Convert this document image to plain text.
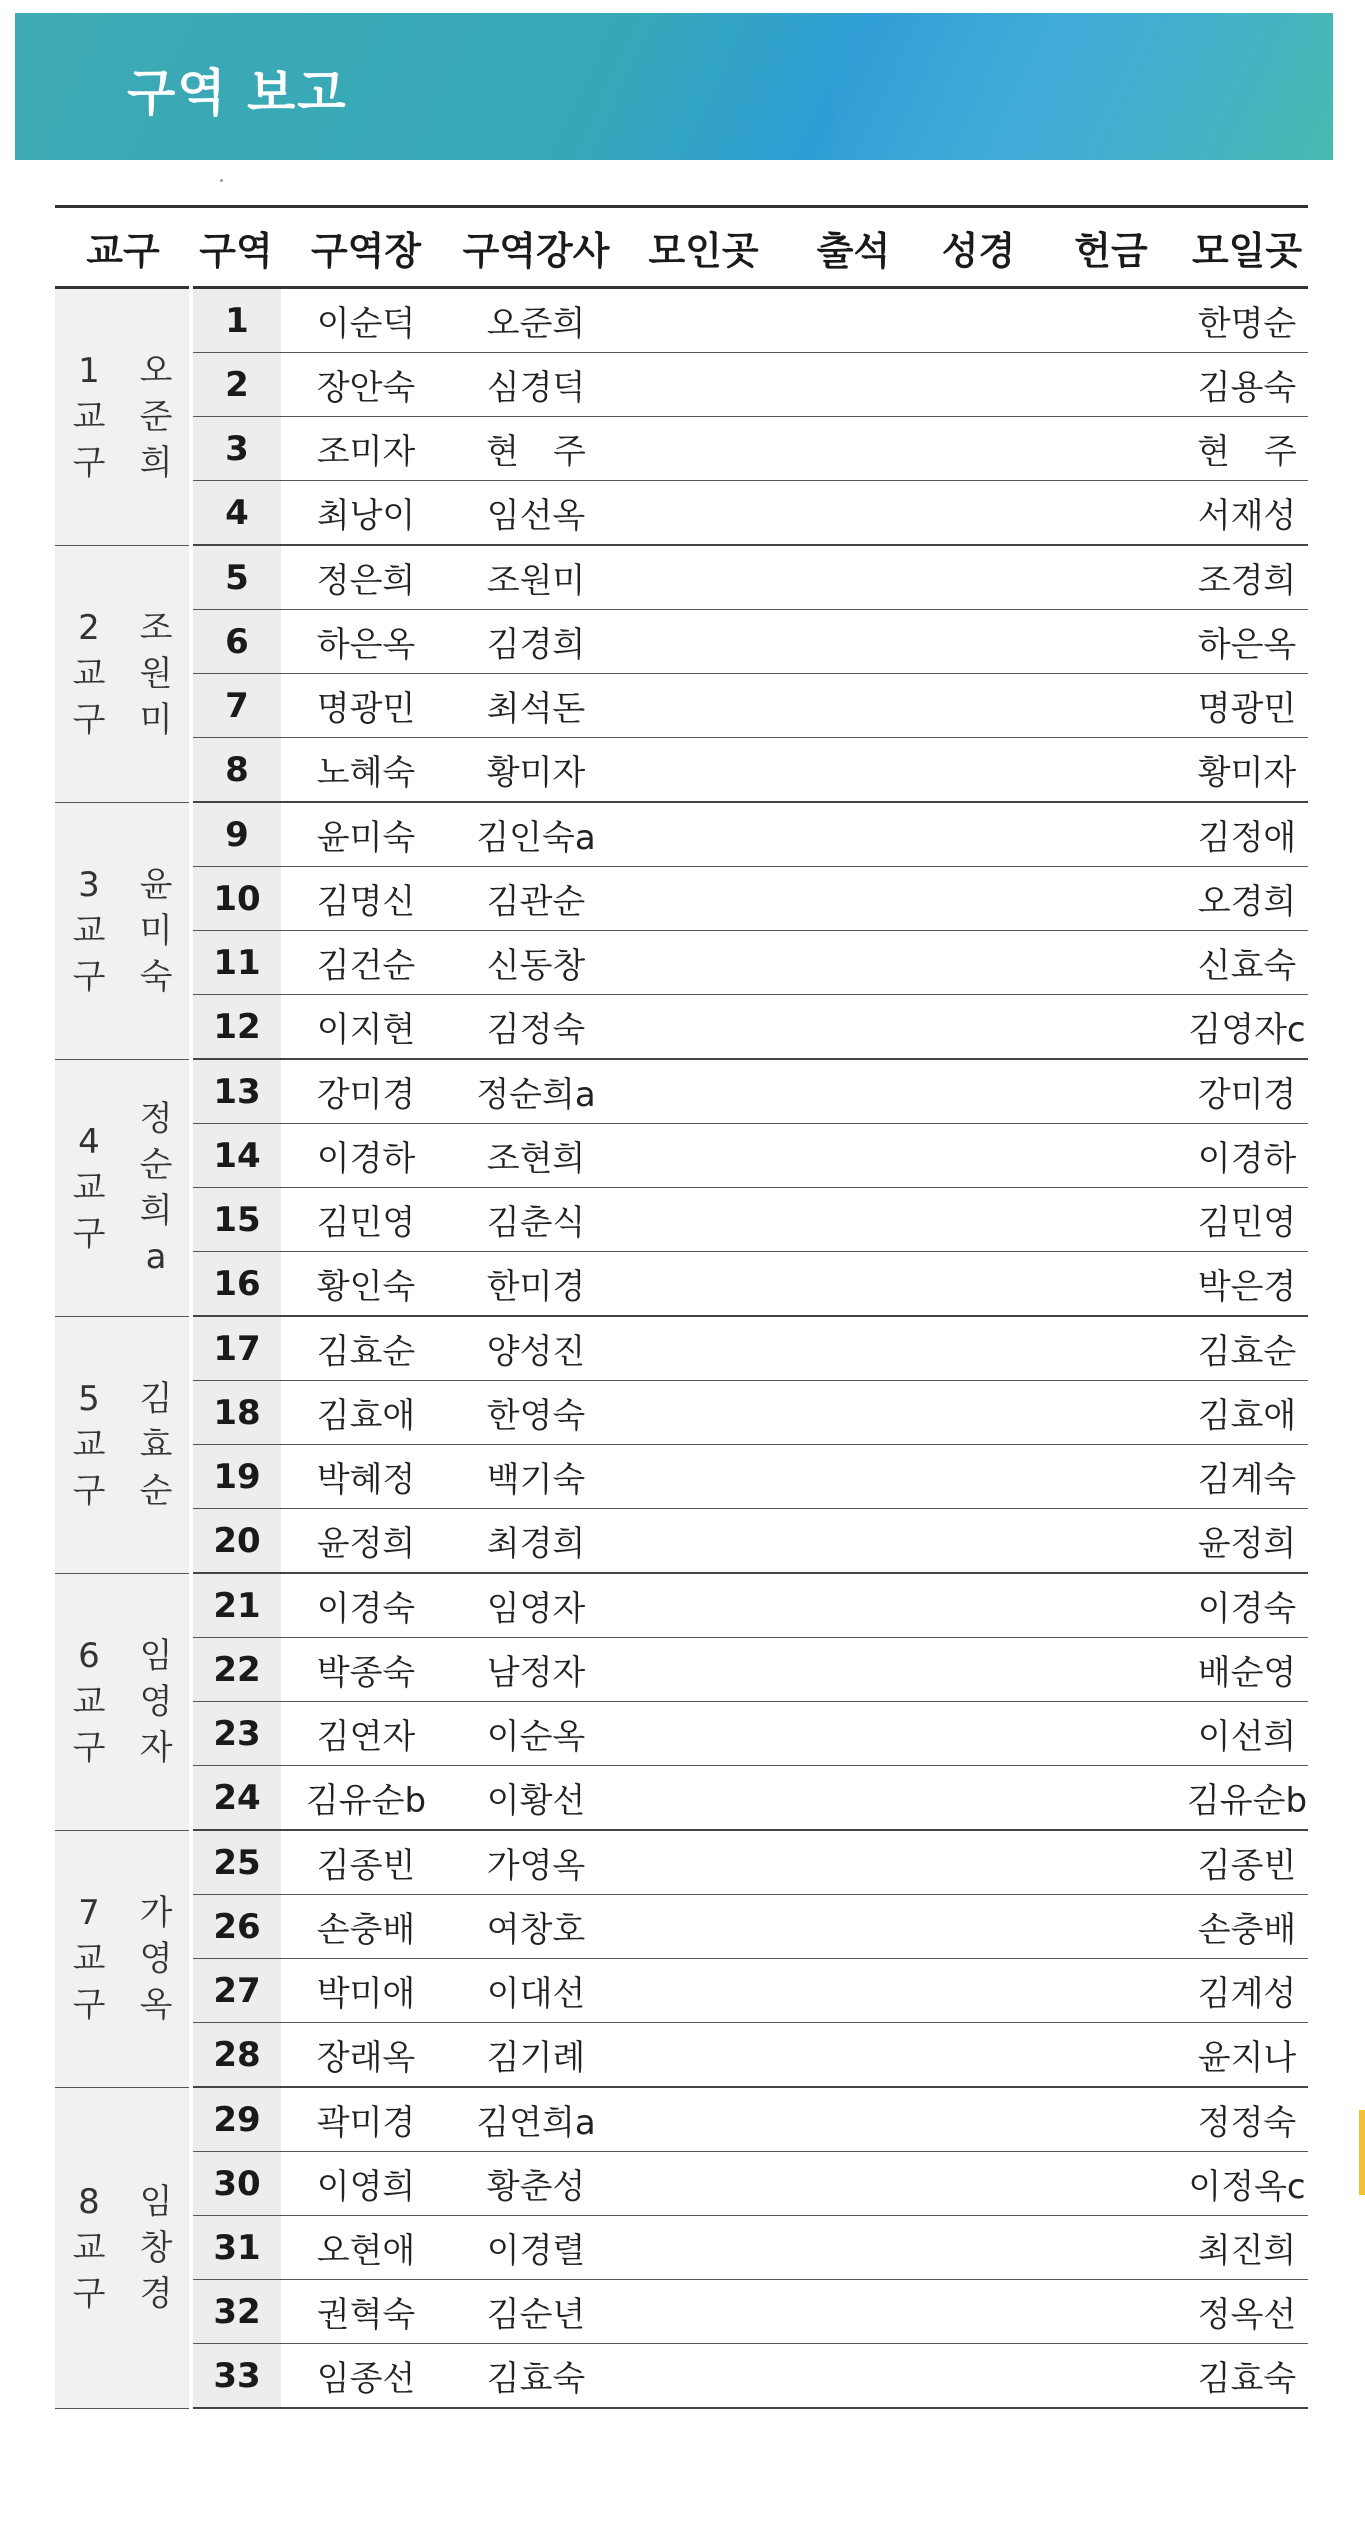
구역 보고
교구		구역	구역장	구역강사	모인곳	출석	성경	헌금	모일곳
1교구	오준희	1	이순덕	오준희					한명순
		2	장안숙	심경덕					김용숙
		3	조미자	현　주					현　주
		4	최낭이	임선옥					서재성
2교구	조원미	5	정은희	조원미					조경희
		6	하은옥	김경희					하은옥
		7	명광민	최석돈					명광민
		8	노혜숙	황미자					황미자
3교구	윤미숙	9	윤미숙	김인숙a					김정애
		10	김명신	김관순					오경희
		11	김건순	신동창					신효숙
		12	이지현	김정숙					김영자c
4교구	정순희a	13	강미경	정순희a					강미경
		14	이경하	조현희					이경하
		15	김민영	김춘식					김민영
		16	황인숙	한미경					박은경
5교구	김효순	17	김효순	양성진					김효순
		18	김효애	한영숙					김효애
		19	박혜정	백기숙					김계숙
		20	윤정희	최경희					윤정희
6교구	임영자	21	이경숙	임영자					이경숙
		22	박종숙	남정자					배순영
		23	김연자	이순옥					이선희
		24	김유순b	이황선					김유순b
7교구	가영옥	25	김종빈	가영옥					김종빈
		26	손충배	여창호					손충배
		27	박미애	이대선					김계성
		28	장래옥	김기례					윤지나
8교구	임창경	29	곽미경	김연희a					정정숙
		30	이영희	황춘성					이정옥c
		31	오현애	이경렬					최진희
		32	권혁숙	김순년					정옥선
		33	임종선	김효숙					김효숙
